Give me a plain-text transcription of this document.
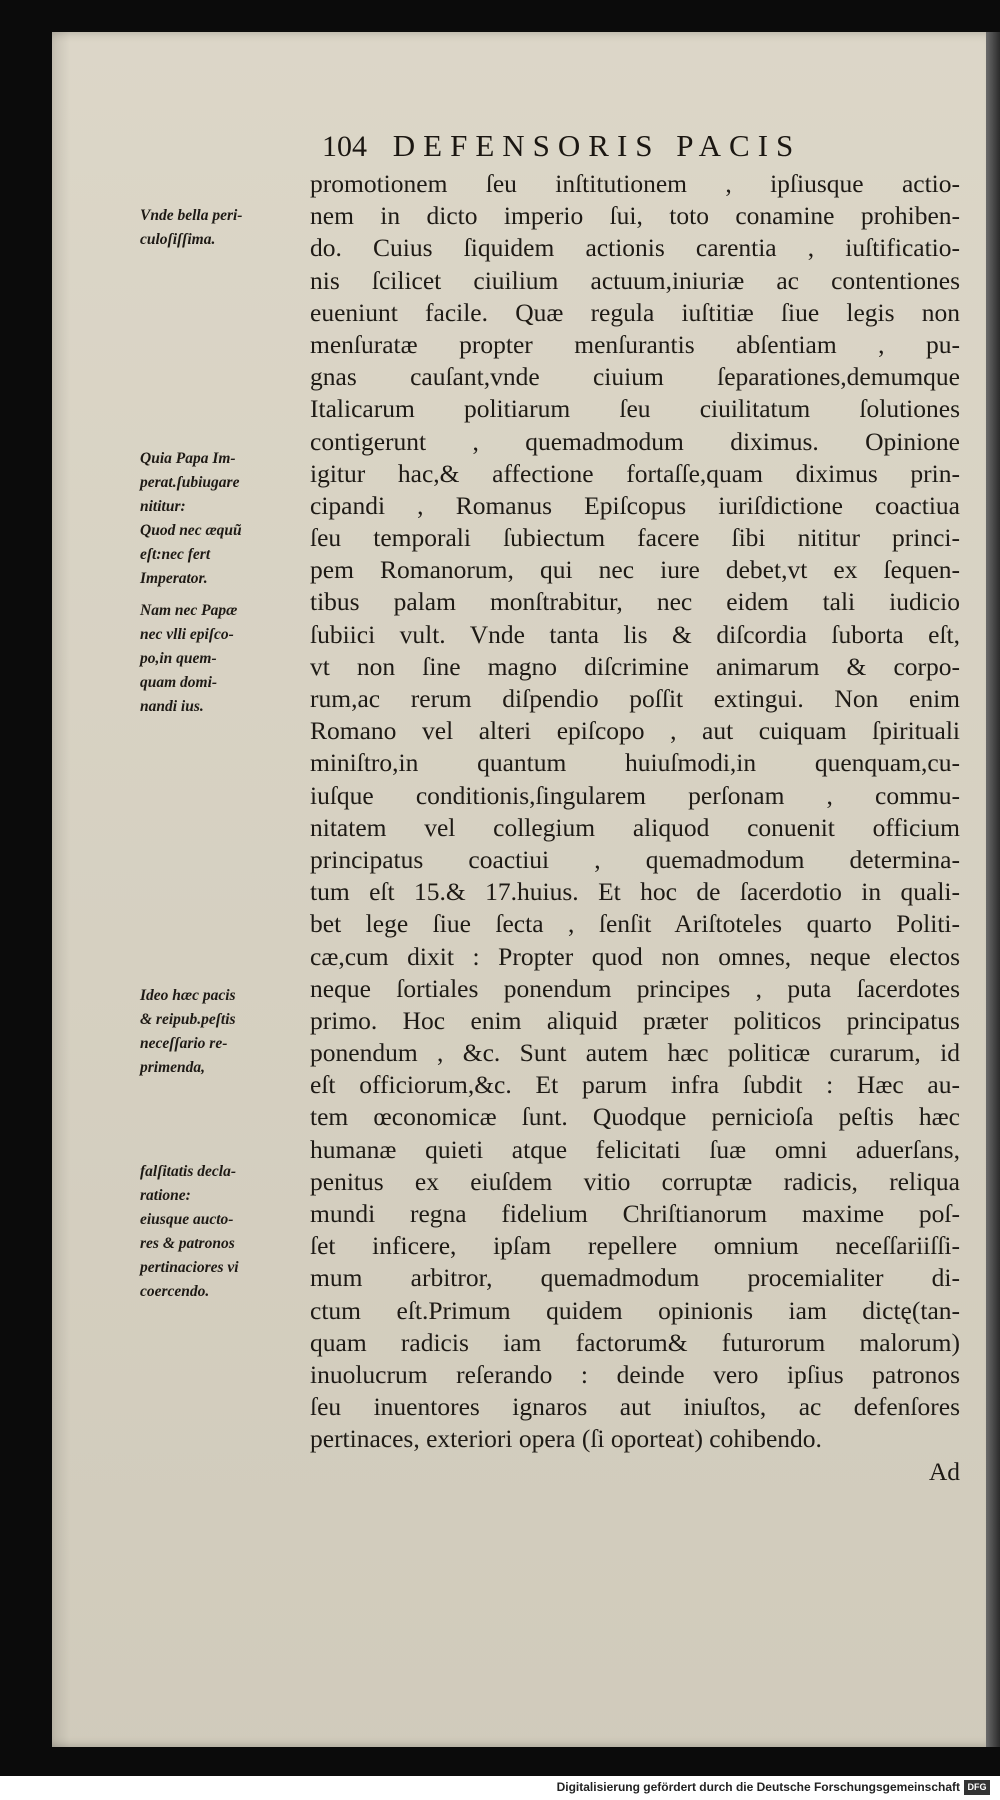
104 DEFENSORIS PACIS
promotionem ſeu inſtitutionem , ipſiusque actio-
nem in dicto imperio ſui, toto conamine prohiben-
do. Cuius ſiquidem actionis carentia , iuſtificatio-
nis ſcilicet ciuilium actuum,iniuriæ ac contentiones
eueniunt facile. Quæ regula iuſtitiæ ſiue legis non
menſuratæ propter menſurantis abſentiam , pu-
gnas cauſant,vnde ciuium ſeparationes,demumque
Italicarum politiarum ſeu ciuilitatum ſolutiones
contigerunt , quemadmodum diximus. Opinione
igitur hac,& affectione fortaſſe,quam diximus prin-
cipandi , Romanus Epiſcopus iuriſdictione coactiua
ſeu temporali ſubiectum facere ſibi nititur princi-
pem Romanorum, qui nec iure debet,vt ex ſequen-
tibus palam monſtrabitur, nec eidem tali iudicio
ſubiici vult. Vnde tanta lis & diſcordia ſuborta eſt,
vt non ſine magno diſcrimine animarum & corpo-
rum,ac rerum diſpendio poſſit extingui. Non enim
Romano vel alteri epiſcopo , aut cuiquam ſpirituali
miniſtro,in quantum huiuſmodi,in quenquam,cu-
iuſque conditionis,ſingularem perſonam , commu-
nitatem vel collegium aliquod conuenit officium
principatus coactiui , quemadmodum determina-
tum eſt 15.& 17.huius. Et hoc de ſacerdotio in quali-
bet lege ſiue ſecta , ſenſit Ariſtoteles quarto Politi-
cæ,cum dixit : Propter quod non omnes, neque electos
neque ſortiales ponendum principes , puta ſacerdotes
primo. Hoc enim aliquid præter politicos principatus
ponendum , &c. Sunt autem hæc politicæ curarum, id
eſt officiorum,&c. Et parum infra ſubdit : Hæc au-
tem œconomicæ ſunt. Quodque pernicioſa peſtis hæc
humanæ quieti atque felicitati ſuæ omni aduerſans,
penitus ex eiuſdem vitio corruptæ radicis, reliqua
mundi regna fidelium Chriſtianorum maxime poſ-
ſet inficere, ipſam repellere omnium neceſſariiſſi-
mum arbitror, quemadmodum procemialiter di-
ctum eſt.Primum quidem opinionis iam dictę(tan-
quam radicis iam factorum& futurorum malorum)
inuolucrum reſerando : deinde vero ipſius patronos
ſeu inuentores ignaros aut iniuſtos, ac defenſores
pertinaces, exteriori opera (ſi oporteat) cohibendo.
Ad
Vnde bella peri-
culoſiſſima.
Quia Papa Im-
perat.ſubiugare
nititur:
Quod nec æquũ
eſt:nec fert
Imperator.
Nam nec Papæ
nec vlli epiſco-
po,in quem-
quam domi-
nandi ius.
Ideo hæc pacis
& reipub.peſtis
neceſſario re-
primenda,
falſitatis decla-
ratione:
eiusque aucto-
res & patronos
pertinaciores vi
coercendo.
Digitalisierung gefördert durch die Deutsche Forschungsgemeinschaft DFG
